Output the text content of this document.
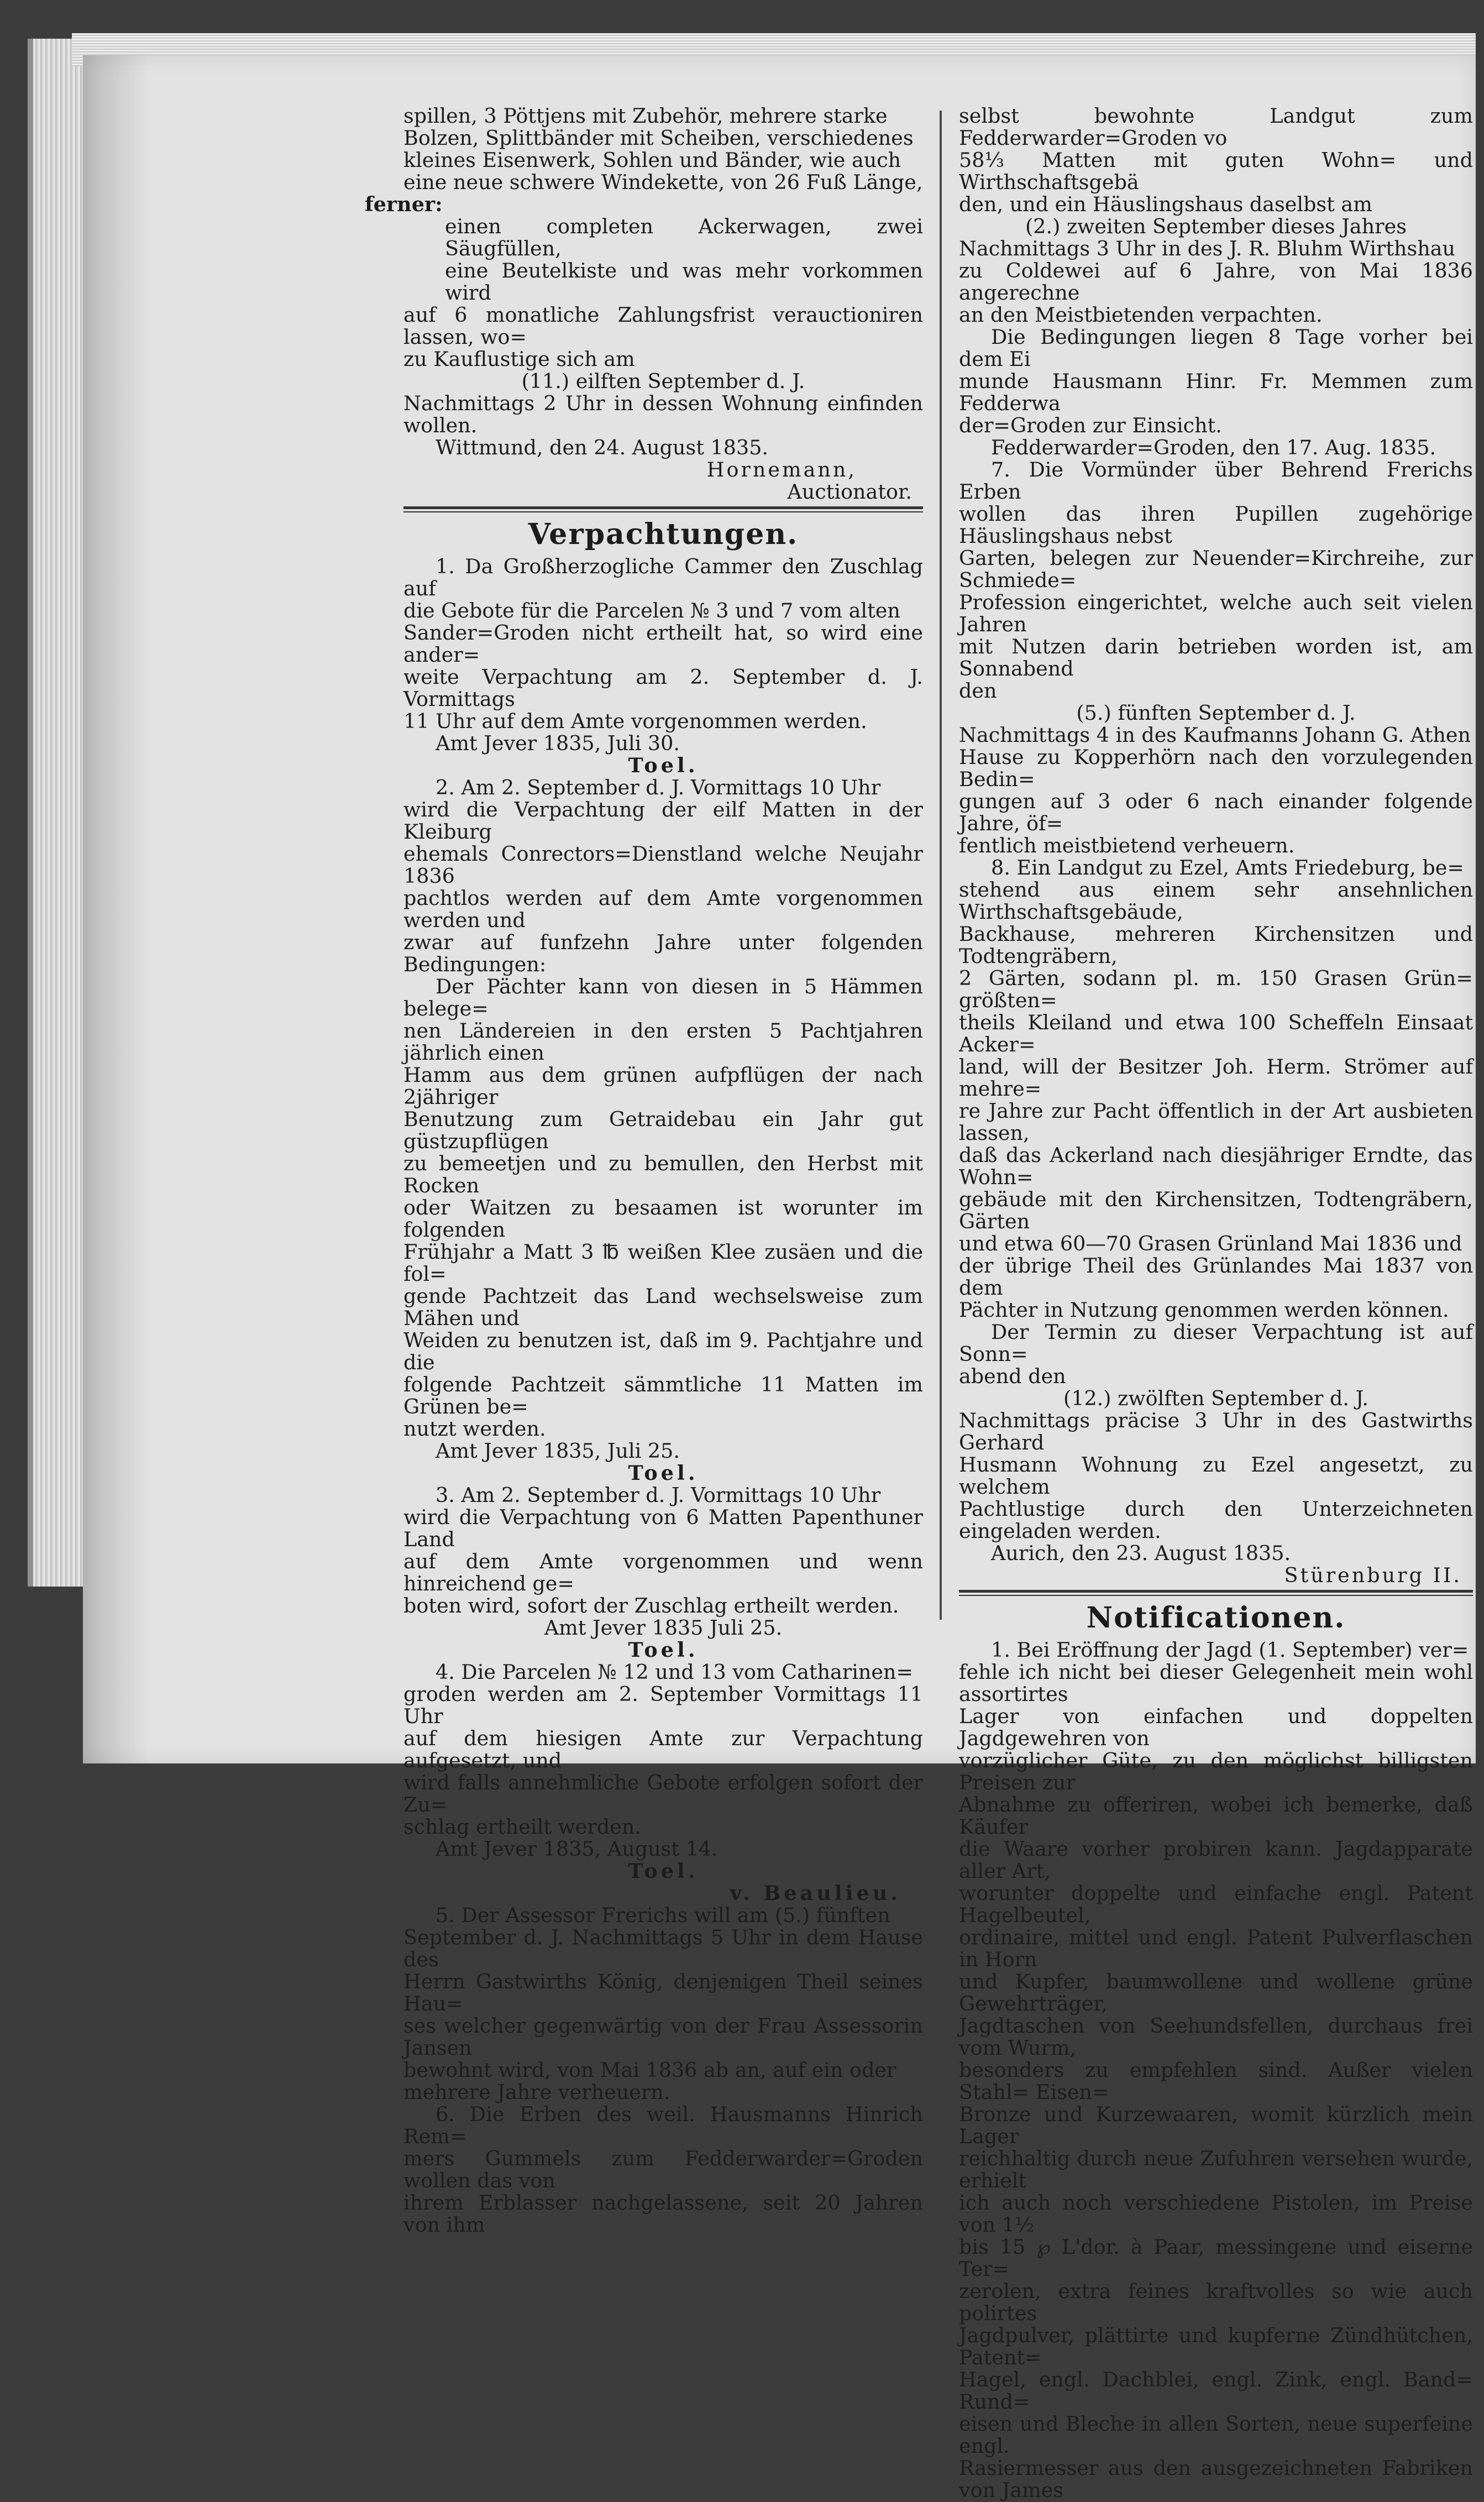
spillen, 3 Pöttjens mit Zubehör, mehrere starke

Bolzen, Splittbänder mit Scheiben, verschiedenes

kleines Eisenwerk, Sohlen und Bänder, wie auch

eine neue schwere Windekette, von 26 Fuß Länge,

ferner:

einen completen Ackerwagen, zwei Säugfüllen,

eine Beutelkiste und was mehr vorkommen wird

auf 6 monatliche Zahlungsfrist verauctioniren lassen, wo=

zu Kauflustige sich am

(11.) eilften September d. J.

Nachmittags 2 Uhr in dessen Wohnung einfinden wollen.

Wittmund, den 24. August 1835.

Hornemann,

Auctionator.

Verpachtungen.

1. Da Großherzogliche Cammer den Zuschlag auf

die Gebote für die Parcelen № 3 und 7 vom alten

Sander=Groden nicht ertheilt hat, so wird eine ander=

weite Verpachtung am 2. September d. J. Vormittags

11 Uhr auf dem Amte vorgenommen werden.

Amt Jever 1835, Juli 30.

Toel.

2. Am 2. September d. J. Vormittags 10 Uhr

wird die Verpachtung der eilf Matten in der Kleiburg

ehemals Conrectors=Dienstland welche Neujahr 1836

pachtlos werden auf dem Amte vorgenommen werden und

zwar auf funfzehn Jahre unter folgenden Bedingungen:

Der Pächter kann von diesen in 5 Hämmen belege=

nen Ländereien in den ersten 5 Pachtjahren jährlich einen

Hamm aus dem grünen aufpflügen der nach 2jähriger

Benutzung zum Getraidebau ein Jahr gut güstzupflügen

zu bemeetjen und zu bemullen, den Herbst mit Rocken

oder Waitzen zu besaamen ist worunter im folgenden

Frühjahr a Matt 3 ℔ weißen Klee zusäen und die fol=

gende Pachtzeit das Land wechselsweise zum Mähen und

Weiden zu benutzen ist, daß im 9. Pachtjahre und die

folgende Pachtzeit sämmtliche 11 Matten im Grünen be=

nutzt werden.

Amt Jever 1835, Juli 25.

Toel.

3. Am 2. September d. J. Vormittags 10 Uhr

wird die Verpachtung von 6 Matten Papenthuner Land

auf dem Amte vorgenommen und wenn hinreichend ge=

boten wird, sofort der Zuschlag ertheilt werden.

Amt Jever 1835 Juli 25.

Toel.

4. Die Parcelen № 12 und 13 vom Catharinen=

groden werden am 2. September Vormittags 11 Uhr

auf dem hiesigen Amte zur Verpachtung aufgesetzt, und

wird falls annehmliche Gebote erfolgen sofort der Zu=

schlag ertheilt werden.

Amt Jever 1835, August 14.

Toel.

v. Beaulieu.

5. Der Assessor Frerichs will am (5.) fünften

September d. J. Nachmittags 5 Uhr in dem Hause des

Herrn Gastwirths König, denjenigen Theil seines Hau=

ses welcher gegenwärtig von der Frau Assessorin Jansen

bewohnt wird, von Mai 1836 ab an, auf ein oder

mehrere Jahre verheuern.

6. Die Erben des weil. Hausmanns Hinrich Rem=

mers Gummels zum Fedderwarder=Groden wollen das von

ihrem Erblasser nachgelassene, seit 20 Jahren von ihm

selbst bewohnte Landgut zum Fedderwarder=Groden vo

58⅓ Matten mit guten Wohn= und Wirthschaftsgebä

den, und ein Häuslingshaus daselbst am

(2.) zweiten September dieses Jahres

Nachmittags 3 Uhr in des J. R. Bluhm Wirthshau

zu Coldewei auf 6 Jahre, von Mai 1836 angerechne

an den Meistbietenden verpachten.

Die Bedingungen liegen 8 Tage vorher bei dem Ei

munde Hausmann Hinr. Fr. Memmen zum Fedderwa

der=Groden zur Einsicht.

Fedderwarder=Groden, den 17. Aug. 1835.

7. Die Vormünder über Behrend Frerichs Erben

wollen das ihren Pupillen zugehörige Häuslingshaus nebst

Garten, belegen zur Neuender=Kirchreihe, zur Schmiede=

Profession eingerichtet, welche auch seit vielen Jahren

mit Nutzen darin betrieben worden ist, am Sonnabend

den

(5.) fünften September d. J.

Nachmittags 4 in des Kaufmanns Johann G. Athen

Hause zu Kopperhörn nach den vorzulegenden Bedin=

gungen auf 3 oder 6 nach einander folgende Jahre, öf=

fentlich meistbietend verheuern.

8. Ein Landgut zu Ezel, Amts Friedeburg, be=

stehend aus einem sehr ansehnlichen Wirthschaftsgebäude,

Backhause, mehreren Kirchensitzen und Todtengräbern,

2 Gärten, sodann pl. m. 150 Grasen Grün= größten=

theils Kleiland und etwa 100 Scheffeln Einsaat Acker=

land, will der Besitzer Joh. Herm. Strömer auf mehre=

re Jahre zur Pacht öffentlich in der Art ausbieten lassen,

daß das Ackerland nach diesjähriger Erndte, das Wohn=

gebäude mit den Kirchensitzen, Todtengräbern, Gärten

und etwa 60—70 Grasen Grünland Mai 1836 und

der übrige Theil des Grünlandes Mai 1837 von dem

Pächter in Nutzung genommen werden können.

Der Termin zu dieser Verpachtung ist auf Sonn=

abend den

(12.) zwölften September d. J.

Nachmittags präcise 3 Uhr in des Gastwirths Gerhard

Husmann Wohnung zu Ezel angesetzt, zu welchem

Pachtlustige durch den Unterzeichneten eingeladen werden.

Aurich, den 23. August 1835.

Stürenburg II.

Notificationen.

1. Bei Eröffnung der Jagd (1. September) ver=

fehle ich nicht bei dieser Gelegenheit mein wohl assortirtes

Lager von einfachen und doppelten Jagdgewehren von

vorzüglicher Güte, zu den möglichst billigsten Preisen zur

Abnahme zu offeriren, wobei ich bemerke, daß Käufer

die Waare vorher probiren kann. Jagdapparate aller Art,

worunter doppelte und einfache engl. Patent Hagelbeutel,

ordinaire, mittel und engl. Patent Pulverflaschen in Horn

und Kupfer, baumwollene und wollene grüne Gewehrträger,

Jagdtaschen von Seehundsfellen, durchaus frei vom Wurm,

besonders zu empfehlen sind. Außer vielen Stahl= Eisen=

Bronze und Kurzewaaren, womit kürzlich mein Lager

reichhaltig durch neue Zufuhren versehen wurde, erhielt

ich auch noch verschiedene Pistolen, im Preise von 1½

bis 15 ℘ L'dor. à Paar, messingene und eiserne Ter=

zerolen, extra feines kraftvolles so wie auch polirtes

Jagdpulver, plättirte und kupferne Zündhütchen, Patent=

Hagel, engl. Dachblei, engl. Zink, engl. Band= Rund=

eisen und Bleche in allen Sorten, neue superfeine engl.

Rasiermesser aus den ausgezeichneten Fabriken von James
